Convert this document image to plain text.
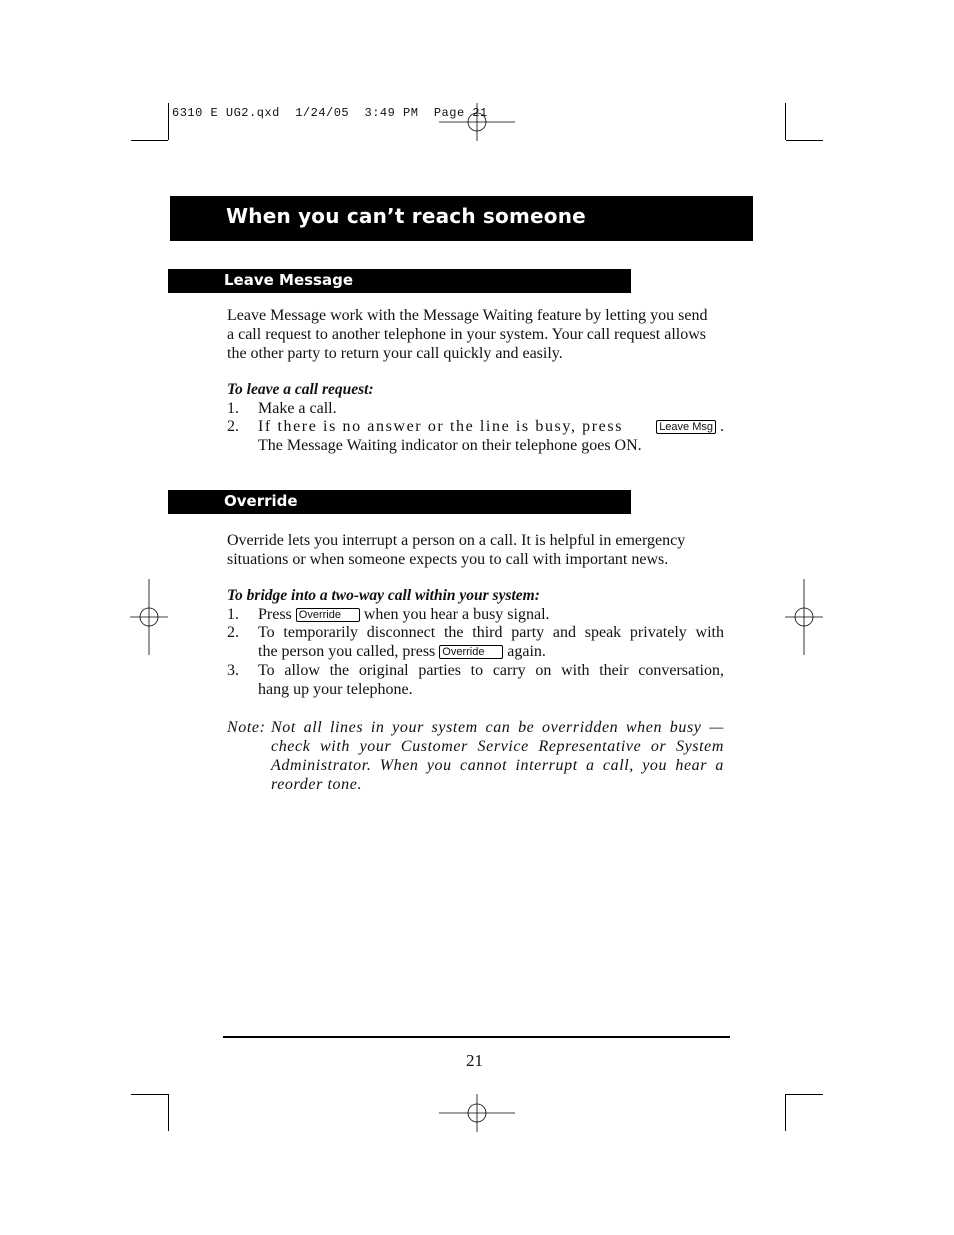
6310 E UG2.qxd  1/24/05  3:49 PM  Page 21
When you can’t reach someone
Leave Message
Leave Message work with the Message Waiting feature by letting you send
a call request to another telephone in your system. Your call request allows
the other party to return your call quickly and easily.
To leave a call request:
1. Make a call.
2. If there is no answer or the line is busy, press	Leave Msg .
The Message Waiting indicator on their telephone goes ON.
Override
Override lets you interrupt a person on a call. It is helpful in emergency
situations or when someone expects you to call with important news.
To bridge into a two-way call within your system:
1. Press Override when you hear a busy signal.
2. To temporarily disconnect the third party and speak privately with
the person you called, press Override again.
3. To allow the original parties to carry on with their conversation,
hang up your telephone.
Note: Not all lines in your system can be overridden when busy —
check with your Customer Service Representative or System
Administrator. When you cannot interrupt a call, you hear a
reorder tone.
21
